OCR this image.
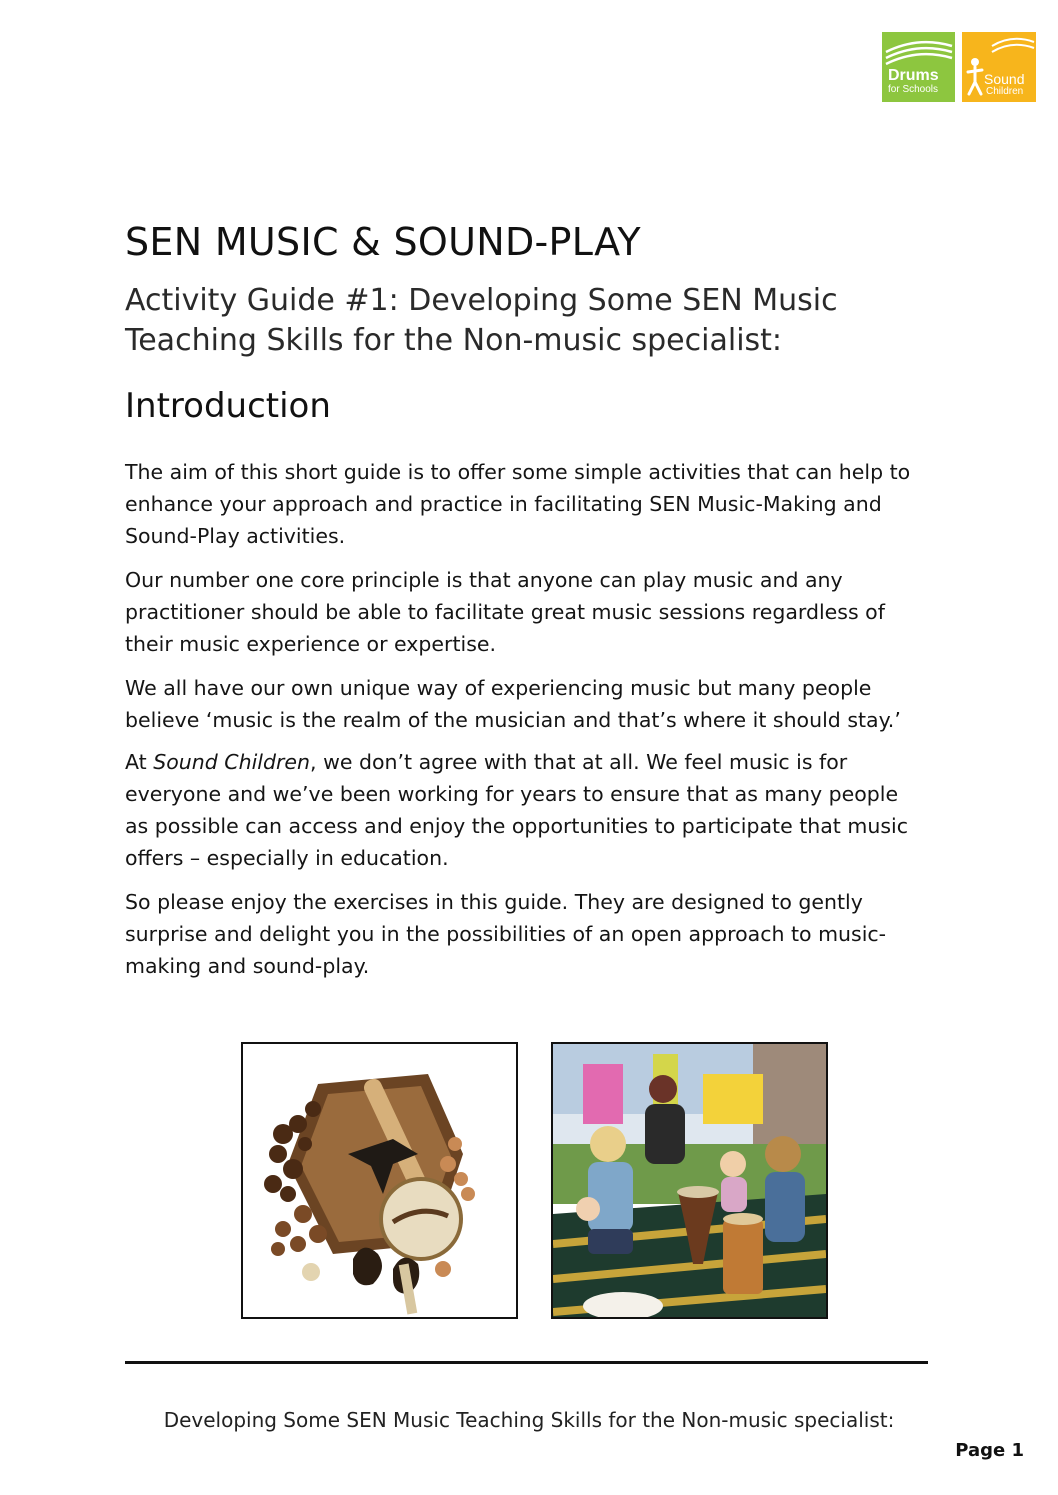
Drums
for Schools
Sound
Children
SEN MUSIC & SOUND-PLAY
Activity Guide #1: Developing Some SEN Music Teaching Skills for the Non-music specialist:
Introduction

The aim of this short guide is to offer some simple activities that can help to enhance your approach and practice in facilitating SEN Music-Making and Sound-Play activities.

Our number one core principle is that anyone can play music and any practitioner should be able to facilitate great music sessions regardless of their music experience or expertise.

We all have our own unique way of experiencing music but many people believe ‘music is the realm of the musician and that’s where it should stay.’

At Sound Children, we don’t agree with that at all. We feel music is for everyone and we’ve been working for years to ensure that as many people as possible can access and enjoy the opportunities to participate that music offers – especially in education.

So please enjoy the exercises in this guide. They are designed to gently surprise and delight you in the possibilities of an open approach to music-making and sound-play.

Developing Some SEN Music Teaching Skills for the Non-music specialist:
Page 1
